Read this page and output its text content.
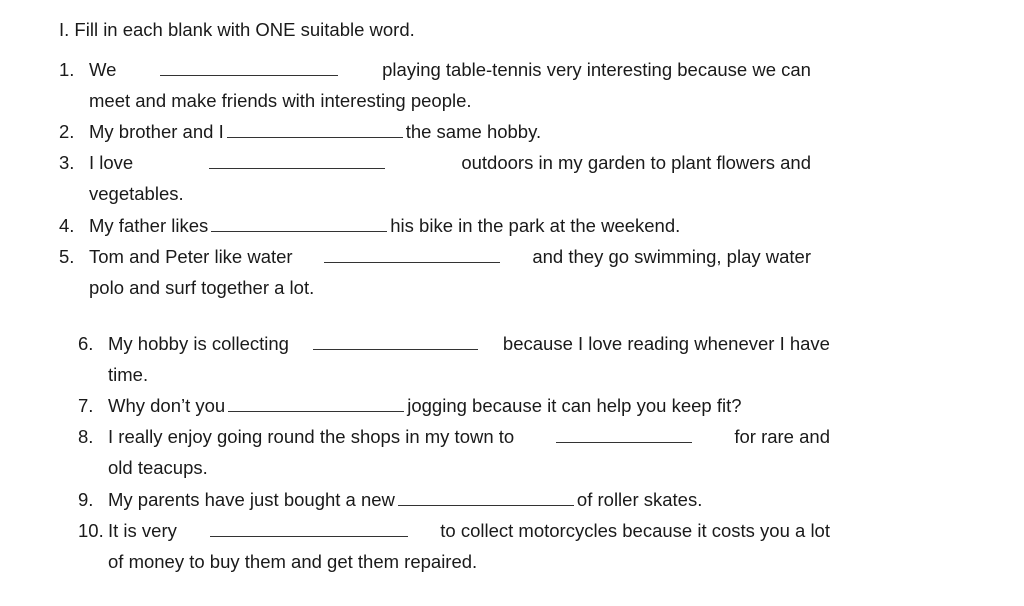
I. Fill in each blank with ONE suitable word.
1. We	playing table-tennis very interesting because we can
meet and make friends with interesting people.
2. My brother and I	the same hobby.
3. I love	outdoors in my garden to plant flowers and
vegetables.
4. My father likes	his bike in the park at the weekend.
5. Tom and Peter like water	and they go swimming, play water
polo and surf together a lot.
6. My hobby is collecting	because I love reading whenever I have
time.
7. Why don’t you	jogging because it can help you keep fit?
8. I really enjoy going round the shops in my town to	for rare and
old teacups.
9. My parents have just bought a new	of roller skates.
10. It is very	to collect motorcycles because it costs you a lot
of money to buy them and get them repaired.
